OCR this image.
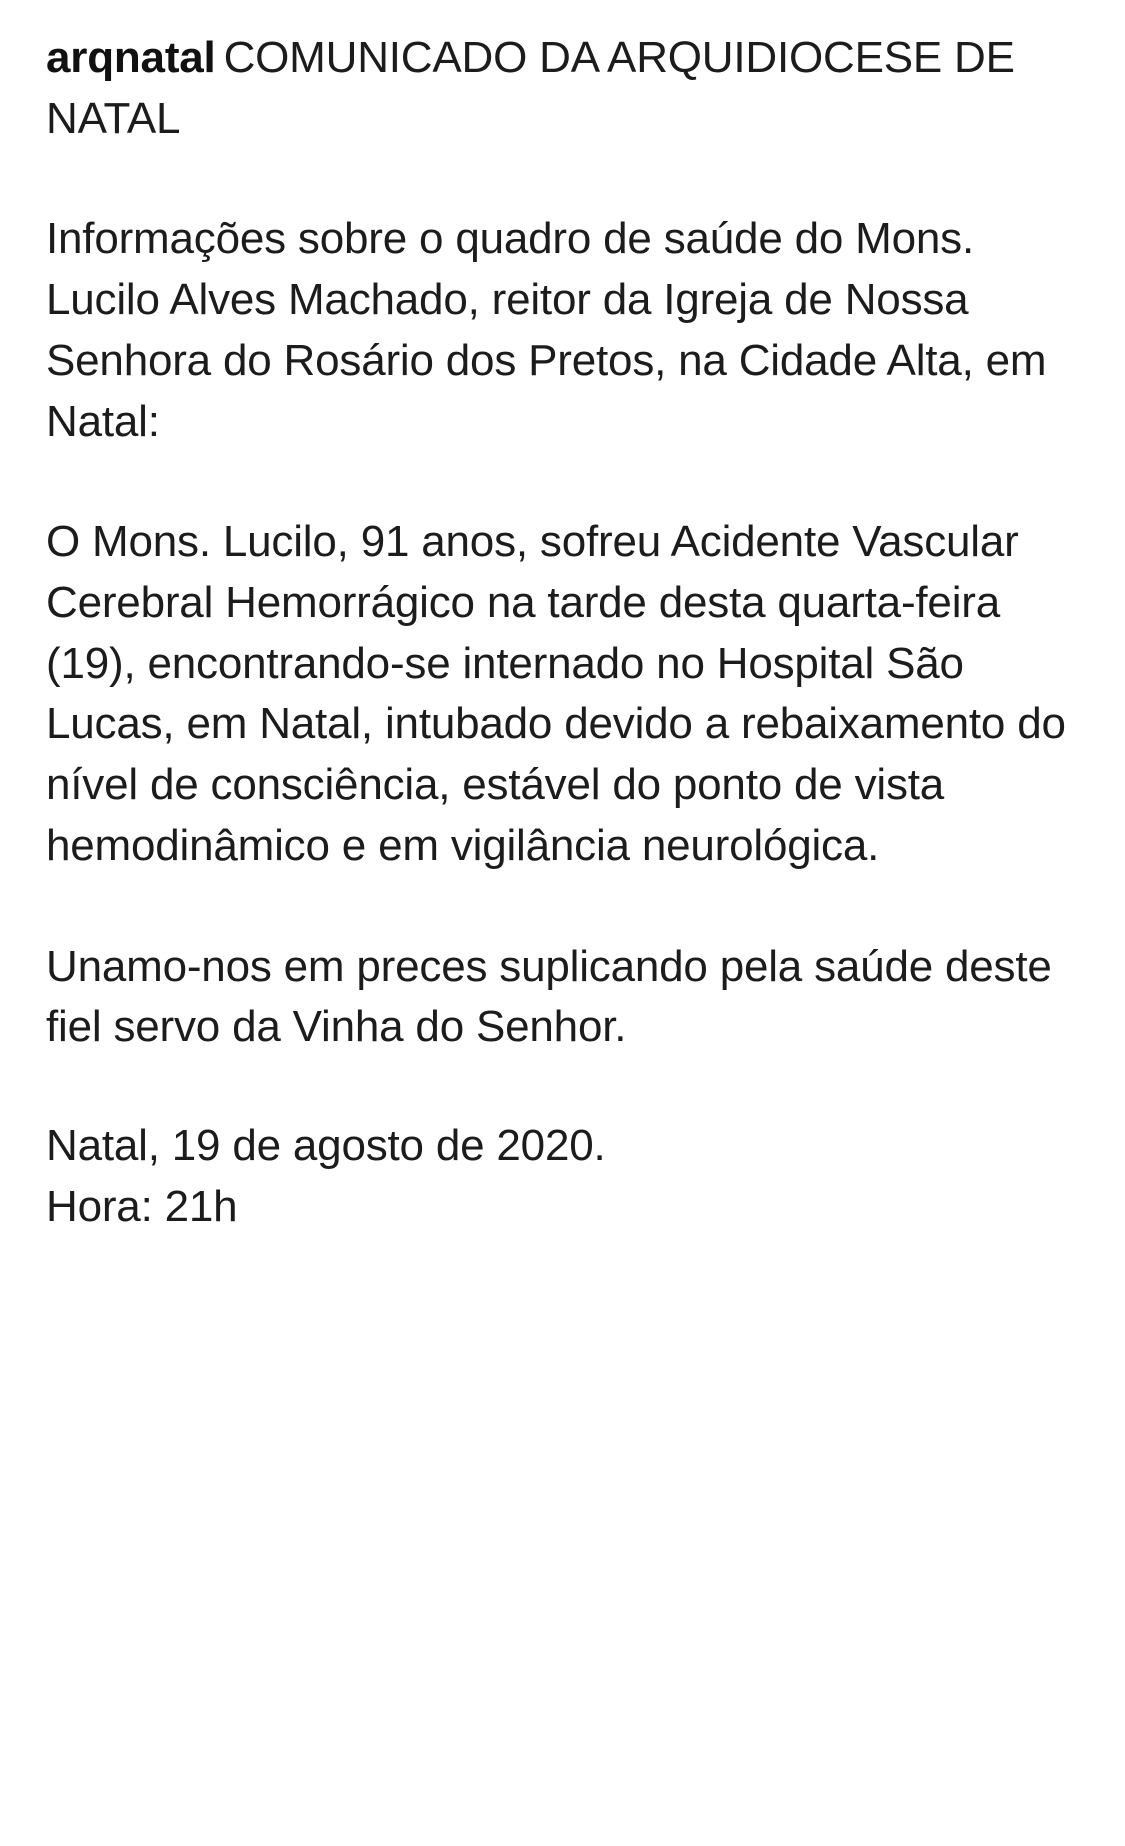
arqnatal COMUNICADO DA ARQUIDIOCESE DE NATAL

Informações sobre o quadro de saúde do Mons. Lucilo Alves Machado, reitor da Igreja de Nossa Senhora do Rosário dos Pretos, na Cidade Alta, em Natal:

O Mons. Lucilo, 91 anos, sofreu Acidente Vascular Cerebral Hemorrágico na tarde desta quarta-feira (19), encontrando-se internado no Hospital São Lucas, em Natal, intubado devido a rebaixamento do nível de consciência, estável do ponto de vista hemodinâmico e em vigilância neurológica.

Unamo-nos em preces suplicando pela saúde deste fiel servo da Vinha do Senhor.

Natal, 19 de agosto de 2020.

Hora: 21h
